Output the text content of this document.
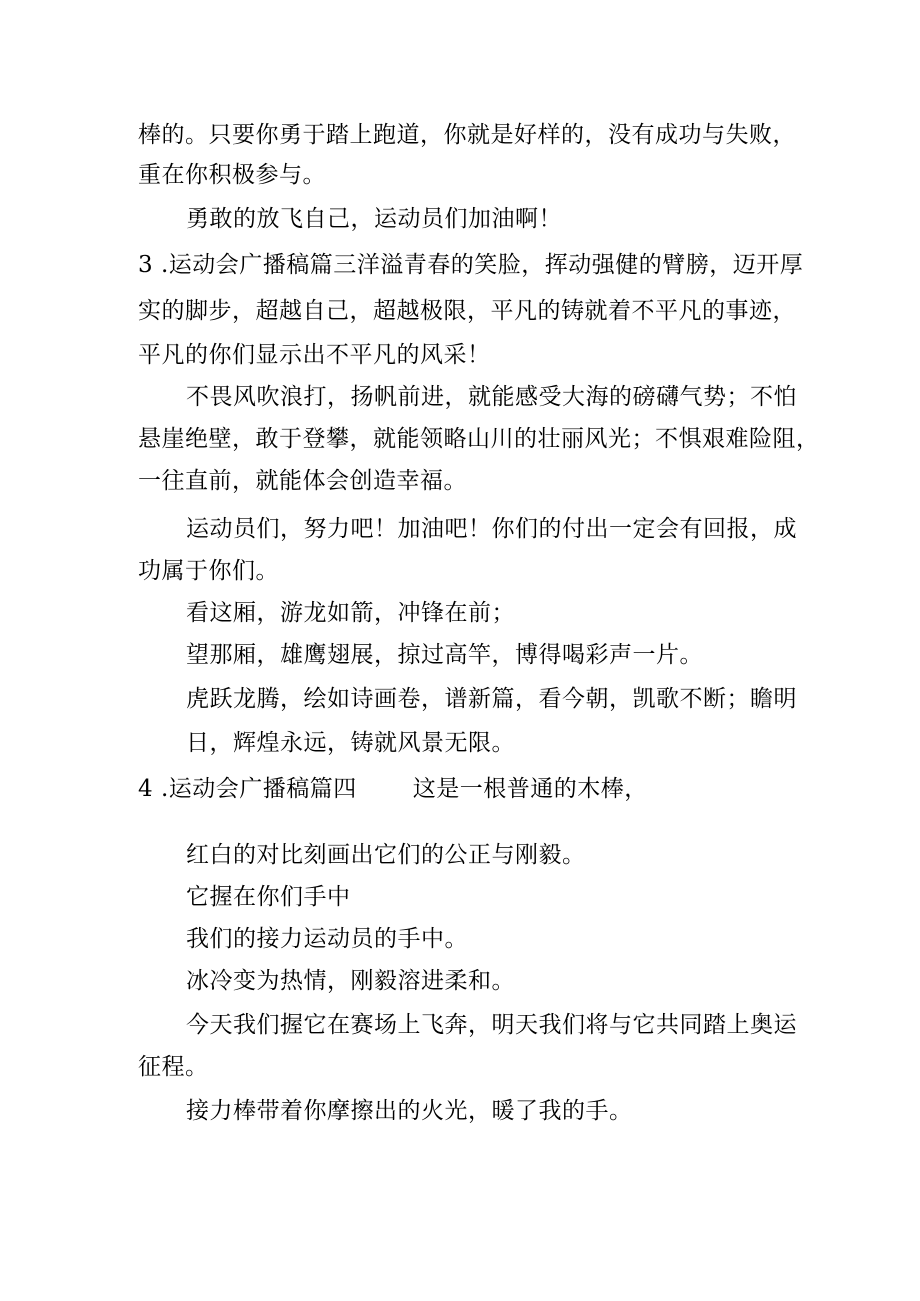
棒的。只要你勇于踏上跑道，你就是好样的，没有成功与失败，
重在你积极参与。
勇敢的放飞自己，运动员们加油啊！
3 .运动会广播稿篇三洋溢青春的笑脸，挥动强健的臂膀，迈开厚
实的脚步，超越自己，超越极限，平凡的铸就着不平凡的事迹，
平凡的你们显示出不平凡的风采！
不畏风吹浪打，扬帆前进，就能感受大海的磅礴气势；不怕
悬崖绝壁，敢于登攀，就能领略山川的壮丽风光；不惧艰难险阻，
一往直前，就能体会创造幸福。
运动员们，努力吧！加油吧！你们的付出一定会有回报，成
功属于你们。
看这厢，游龙如箭，冲锋在前；
望那厢，雄鹰翅展，掠过高竿，博得喝彩声一片。
虎跃龙腾，绘如诗画卷，谱新篇，看今朝，凯歌不断；瞻明
日，辉煌永远，铸就风景无限。
4 .运动会广播稿篇四 这是一根普通的木棒，
红白的对比刻画出它们的公正与刚毅。
它握在你们手中
我们的接力运动员的手中。
冰冷变为热情，刚毅溶进柔和。
今天我们握它在赛场上飞奔，明天我们将与它共同踏上奥运
征程。
接力棒带着你摩擦出的火光，暖了我的手。
